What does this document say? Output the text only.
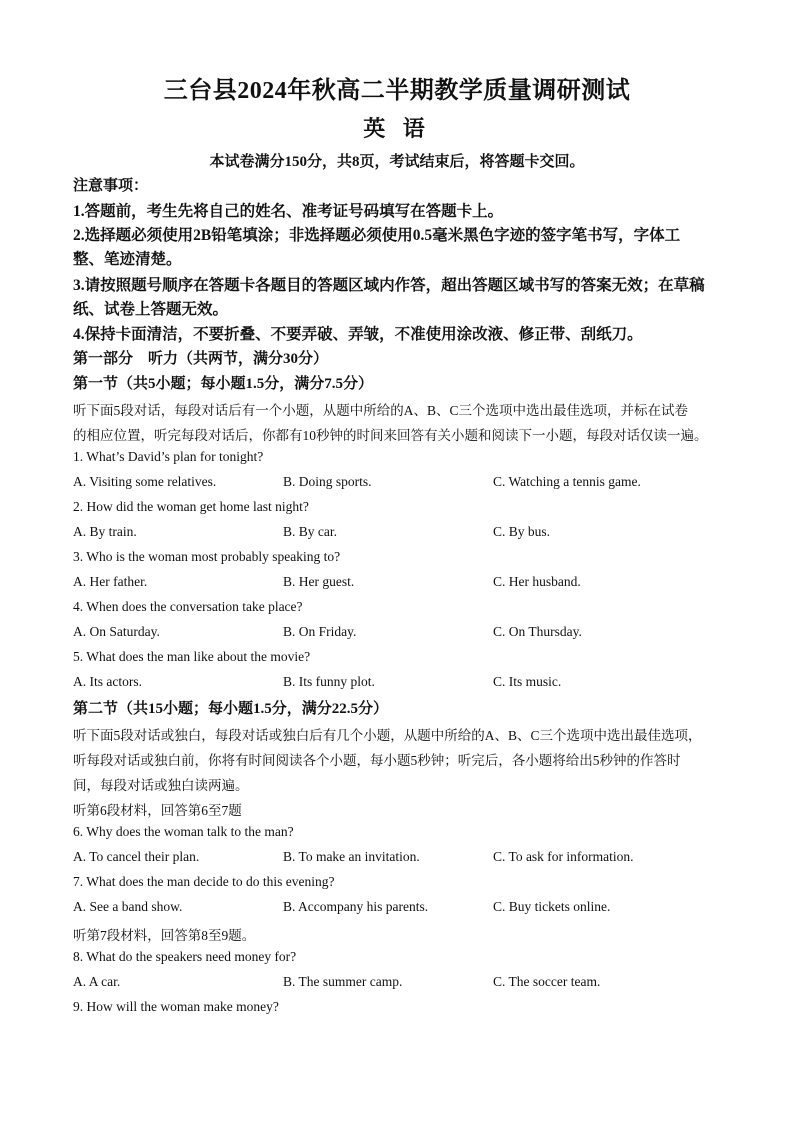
三台县2024年秋高二半期教学质量调研测试
英 语
本试卷满分150分，共8页，考试结束后，将答题卡交回。
注意事项：
1.答题前，考生先将自己的姓名、准考证号码填写在答题卡上。
2.选择题必须使用2B铅笔填涂；非选择题必须使用0.5毫米黑色字迹的签字笔书写，字体工
整、笔迹清楚。
3.请按照题号顺序在答题卡各题目的答题区域内作答，超出答题区域书写的答案无效；在草稿
纸、试卷上答题无效。
4.保持卡面清洁，不要折叠、不要弄破、弄皱，不准使用涂改液、修正带、刮纸刀。
第一部分　听力（共两节，满分30分）
第一节（共5小题；每小题1.5分，满分7.5分）
听下面5段对话，每段对话后有一个小题，从题中所给的A、B、C三个选项中选出最佳选项，并标在试卷
的相应位置，听完每段对话后，你都有10秒钟的时间来回答有关小题和阅读下一小题，每段对话仅读一遍。
1. What’s David’s plan for tonight?
A. Visiting some relatives.	B. Doing sports.	C. Watching a tennis game.
2. How did the woman get home last night?
A. By train.	B. By car.	C. By bus.
3. Who is the woman most probably speaking to?
A. Her father.	B. Her guest.	C. Her husband.
4. When does the conversation take place?
A. On Saturday.	B. On Friday.	C. On Thursday.
5. What does the man like about the movie?
A. Its actors.	B. Its funny plot.	C. Its music.
第二节（共15小题；每小题1.5分，满分22.5分）
听下面5段对话或独白，每段对话或独白后有几个小题，从题中所给的A、B、C三个选项中选出最佳选项，
听每段对话或独白前，你将有时间阅读各个小题，每小题5秒钟；听完后，各小题将给出5秒钟的作答时
间，每段对话或独白读两遍。
听第6段材料，回答第6至7题
6. Why does the woman talk to the man?
A. To cancel their plan.	B. To make an invitation.	C. To ask for information.
7. What does the man decide to do this evening?
A. See a band show.	B. Accompany his parents.	C. Buy tickets online.
听第7段材料，回答第8至9题。
8. What do the speakers need money for?
A. A car.	B. The summer camp.	C. The soccer team.
9. How will the woman make money?
